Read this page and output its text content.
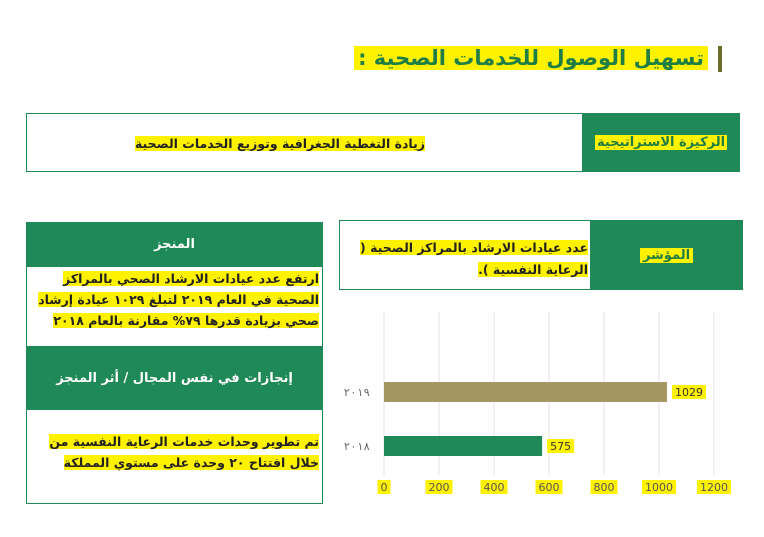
تسهيل الوصول للخدمات الصحية :
الركيزة الاستراتيجية
زيادة التغطية الجغرافية وتوزيع الخدمات الصحية
المؤشر
عدد عيادات الارشاد بالمراكز الصحية ( الرعاية النفسية ).
المنجز
ارتفع عدد عيادات الارشاد الصحي بالمراكز الصحية في العام ٢٠١٩ لتبلغ ١٠٢٩ عيادة إرشاد صحي بزيادة قدرها ٧٩% مقارنة بالعام ٢٠١٨
إنجازات في نفس المجال / أثر المنجز
تم تطوير وحدات خدمات الرعاية النفسية من خلال افتتاح ٢٠ وحدة على مستوي المملكة
0	200	400	600	800	1000 1200
٢٠١٩	1029
٢٠١٨	575
